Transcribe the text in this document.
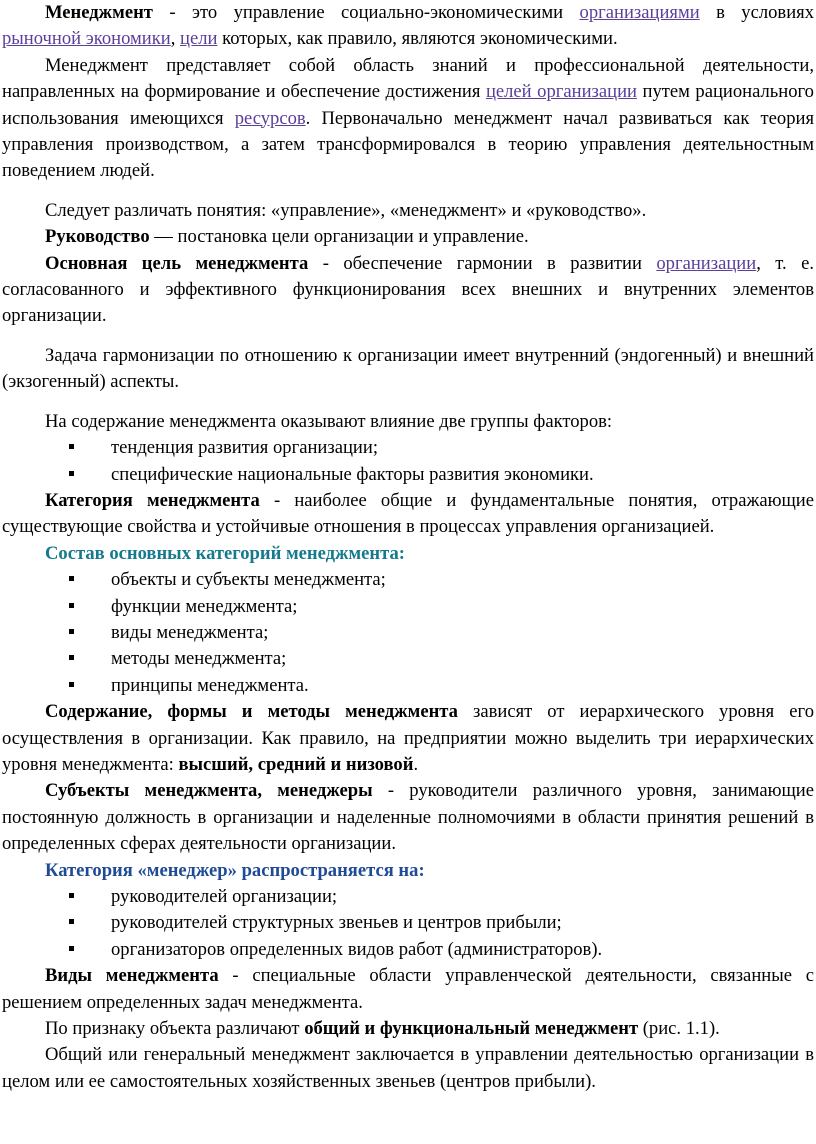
Менеджмент - это управление социально-экономическими организациями в условиях рыночной экономики, цели которых, как правило, являются экономическими.

Менеджмент представляет собой область знаний и профессиональной деятельности, направленных на формирование и обеспечение достижения целей организации путем рационального использования имеющихся ресурсов. Первоначально менеджмент начал развиваться как теория управления производством, а затем трансформировался в теорию управления деятельностным поведением людей.

Следует различать понятия: «управление», «менеджмент» и «руководство».

Руководство — постановка цели организации и управление.

Основная цель менеджмента - обеспечение гармонии в развитии организации, т. е. согласованного и эффективного функционирования всех внешних и внутренних элементов организации.

Задача гармонизации по отношению к организации имеет внутренний (эндогенный) и внешний (экзогенный) аспекты.

На содержание менеджмента оказывают влияние две группы факторов:

тенденция развития организации;
специфические национальные факторы развития экономики.

Категория менеджмента - наиболее общие и фундаментальные понятия, отражающие существующие свойства и устойчивые отношения в процессах управления организацией.

Состав основных категорий менеджмента:

объекты и субъекты менеджмента;
функции менеджмента;
виды менеджмента;
методы менеджмента;
принципы менеджмента.

Содержание, формы и методы менеджмента зависят от иерархического уровня его осуществления в организации. Как правило, на предприятии можно выделить три иерархических уровня менеджмента: высший, средний и низовой.

Субъекты менеджмента, менеджеры - руководители различного уровня, занимающие постоянную должность в организации и наделенные полномочиями в области принятия решений в определенных сферах деятельности организации.

Категория «менеджер» распространяется на:

руководителей организации;
руководителей структурных звеньев и центров прибыли;
организаторов определенных видов работ (администраторов).

Виды менеджмента - специальные области управленческой деятельности, связанные с решением определенных задач менеджмента.

По признаку объекта различают общий и функциональный менеджмент (рис. 1.1).

Общий или генеральный менеджмент заключается в управлении деятельностью организации в целом или ее самостоятельных хозяйственных звеньев (центров прибыли).
